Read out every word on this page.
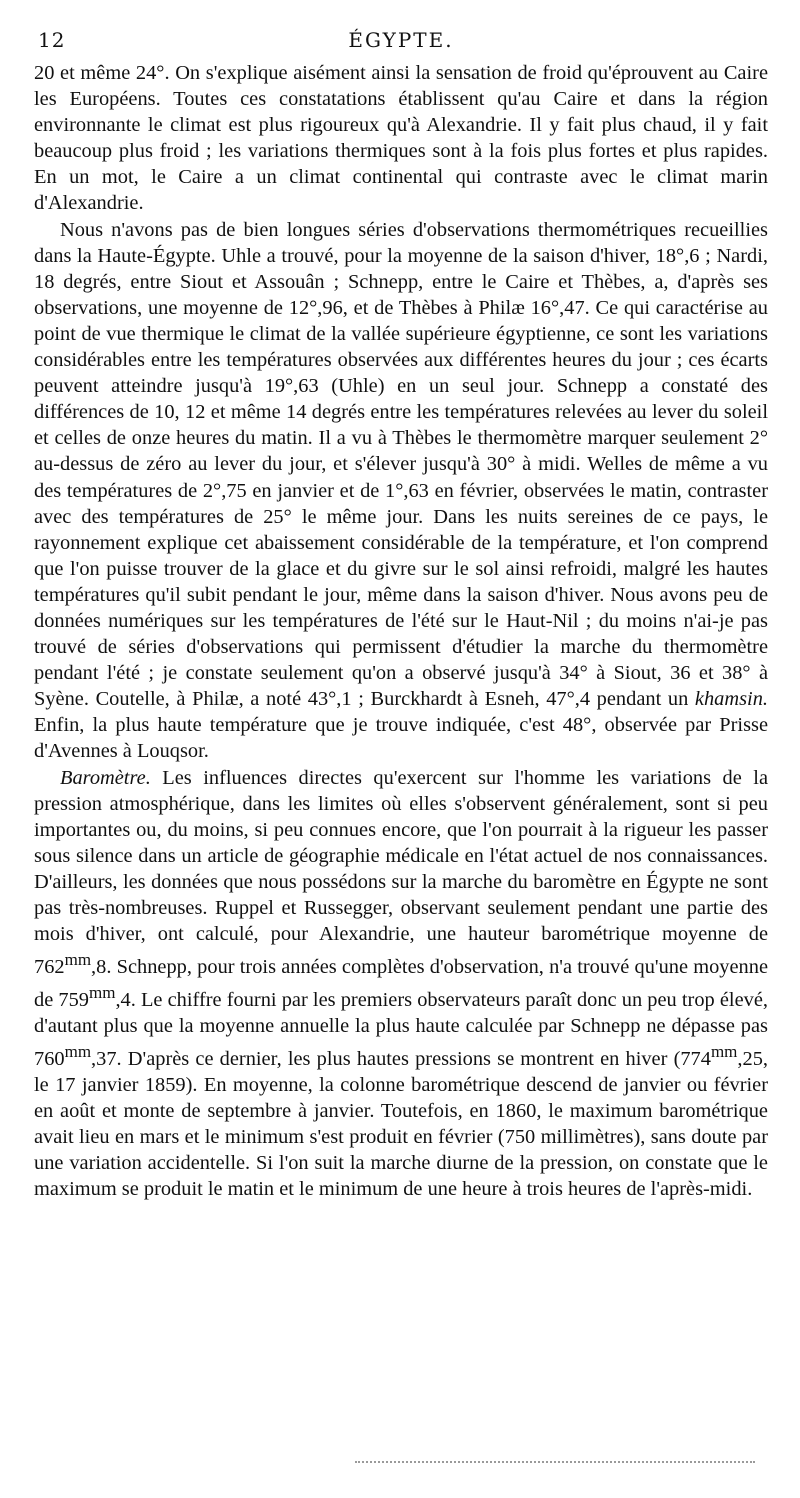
12	ÉGYPTE.

20 et même 24°. On s'explique aisément ainsi la sensation de froid qu'éprouvent au Caire les Européens. Toutes ces constatations établissent qu'au Caire et dans la région environnante le climat est plus rigoureux qu'à Alexandrie. Il y fait plus chaud, il y fait beaucoup plus froid ; les variations thermiques sont à la fois plus fortes et plus rapides. En un mot, le Caire a un climat continental qui contraste avec le climat marin d'Alexandrie.

Nous n'avons pas de bien longues séries d'observations thermométriques recueillies dans la Haute-Égypte. Uhle a trouvé, pour la moyenne de la saison d'hiver, 18°,6 ; Nardi, 18 degrés, entre Siout et Assouân ; Schnepp, entre le Caire et Thèbes, a, d'après ses observations, une moyenne de 12°,96, et de Thèbes à Philæ 16°,47. Ce qui caractérise au point de vue thermique le climat de la vallée supérieure égyptienne, ce sont les variations considérables entre les températures observées aux différentes heures du jour ; ces écarts peuvent atteindre jusqu'à 19°,63 (Uhle) en un seul jour. Schnepp a constaté des différences de 10, 12 et même 14 degrés entre les températures relevées au lever du soleil et celles de onze heures du matin. Il a vu à Thèbes le thermomètre marquer seulement 2° au-dessus de zéro au lever du jour, et s'élever jusqu'à 30° à midi. Welles de même a vu des températures de 2°,75 en janvier et de 1°,63 en février, observées le matin, contraster avec des températures de 25° le même jour. Dans les nuits sereines de ce pays, le rayonnement explique cet abaissement considérable de la température, et l'on comprend que l'on puisse trouver de la glace et du givre sur le sol ainsi refroidi, malgré les hautes températures qu'il subit pendant le jour, même dans la saison d'hiver. Nous avons peu de données numériques sur les températures de l'été sur le Haut-Nil ; du moins n'ai-je pas trouvé de séries d'observations qui permissent d'étudier la marche du thermomètre pendant l'été ; je constate seulement qu'on a observé jusqu'à 34° à Siout, 36 et 38° à Syène. Coutelle, à Philæ, a noté 43°,1 ; Burckhardt à Esneh, 47°,4 pendant un khamsin. Enfin, la plus haute température que je trouve indiquée, c'est 48°, observée par Prisse d'Avennes à Louqsor.

Baromètre. Les influences directes qu'exercent sur l'homme les variations de la pression atmosphérique, dans les limites où elles s'observent généralement, sont si peu importantes ou, du moins, si peu connues encore, que l'on pourrait à la rigueur les passer sous silence dans un article de géographie médicale en l'état actuel de nos connaissances. D'ailleurs, les données que nous possédons sur la marche du baromètre en Égypte ne sont pas très-nombreuses. Ruppel et Russegger, observant seulement pendant une partie des mois d'hiver, ont calculé, pour Alexandrie, une hauteur barométrique moyenne de $762^{mm},8$. Schnepp, pour trois années complètes d'observation, n'a trouvé qu'une moyenne de $759^{mm},4$. Le chiffre fourni par les premiers observateurs paraît donc un peu trop élevé, d'autant plus que la moyenne annuelle la plus haute calculée par Schnepp ne dépasse pas $760^{mm},37$. D'après ce dernier, les plus hautes pressions se montrent en hiver ($774^{mm},25$, le 17 janvier 1859). En moyenne, la colonne barométrique descend de janvier ou février en août et monte de septembre à janvier. Toutefois, en 1860, le maximum barométrique avait lieu en mars et le minimum s'est produit en février (750 millimètres), sans doute par une variation accidentelle. Si l'on suit la marche diurne de la pression, on constate que le maximum se produit le matin et le minimum de une heure à trois heures de l'après-midi.
